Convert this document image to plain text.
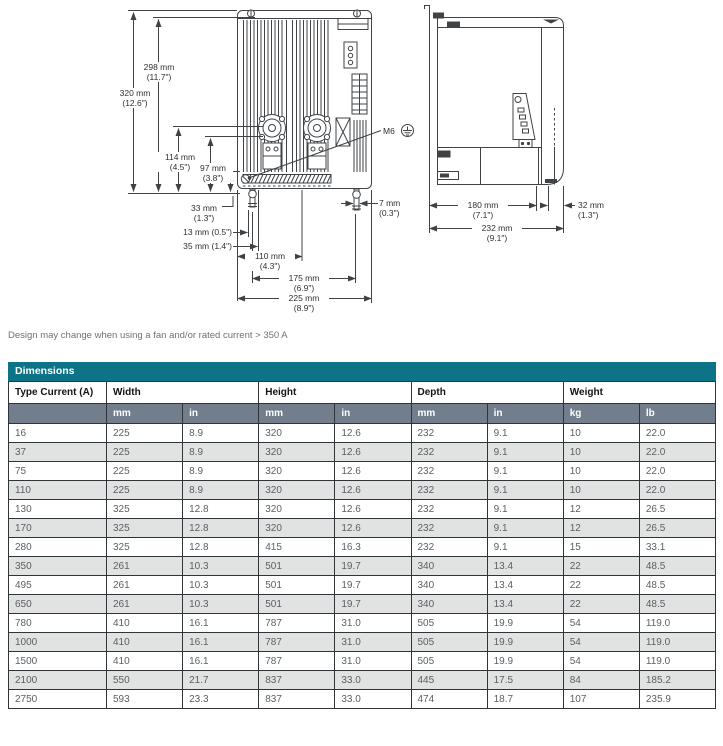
320 mm
(12.6")
298 mm
(11.7")
114 mm
(4.5")	97 mm
(3.8")
33 mm
(1.3")
13 mm (0.5")
35 mm (1.4")
110 mm
(4.3")
175 mm
(6.9")
225 mm
(8.9")
7 mm
(0.3")
M6
180 mm
(7.1")
32 mm
(1.3")
232 mm
(9.1")
Design may change when using a fan and/or rated current > 350 A
Dimensions
Type Current (A)	Width		Height		Depth		Weight	
	mm	in	mm	in	mm	in	kg	lb
16	225	8.9	320	12.6	232	9.1	10	22.0
37	225	8.9	320	12.6	232	9.1	10	22.0
75	225	8.9	320	12.6	232	9.1	10	22.0
110	225	8.9	320	12.6	232	9.1	10	22.0
130	325	12.8	320	12.6	232	9.1	12	26.5
170	325	12.8	320	12.6	232	9.1	12	26.5
280	325	12.8	415	16.3	232	9.1	15	33.1
350	261	10.3	501	19.7	340	13.4	22	48.5
495	261	10.3	501	19.7	340	13.4	22	48.5
650	261	10.3	501	19.7	340	13.4	22	48.5
780	410	16.1	787	31.0	505	19.9	54	119.0
1000	410	16.1	787	31.0	505	19.9	54	119.0
1500	410	16.1	787	31.0	505	19.9	54	119.0
2100	550	21.7	837	33.0	445	17.5	84	185.2
2750	593	23.3	837	33.0	474	18.7	107	235.9
